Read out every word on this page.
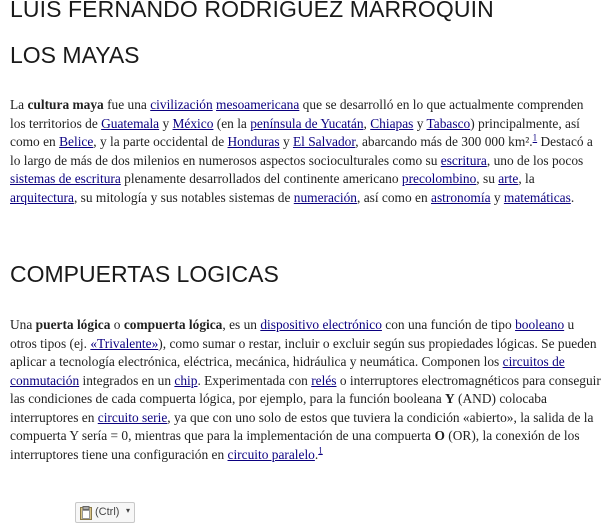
LUIS FERNANDO RODRIGUEZ MARROQUIN
LOS MAYAS
La cultura maya fue una civilización mesoamericana que se desarrolló en lo que actualmente comprenden los territorios de Guatemala y México (en la península de Yucatán, Chiapas y Tabasco) principalmente, así como en Belice, y la parte occidental de Honduras y El Salvador, abarcando más de 300 000 km².$^1$ Destacó a lo largo de más de dos milenios en numerosos aspectos socioculturales como su escritura, uno de los pocos sistemas de escritura plenamente desarrollados del continente americano precolombino, su arte, la arquitectura, su mitología y sus notables sistemas de numeración, así como en astronomía y matemáticas.
COMPUERTAS LOGICAS
Una puerta lógica o compuerta lógica, es un dispositivo electrónico con una función de tipo booleano u otros tipos (ej. «Trivalente»), como sumar o restar, incluir o excluir según sus propiedades lógicas. Se pueden aplicar a tecnología electrónica, eléctrica, mecánica, hidráulica y neumática. Componen los circuitos de conmutación integrados en un chip. Experimentada con relés o interruptores electromagnéticos para conseguir las condiciones de cada compuerta lógica, por ejemplo, para la función booleana Y (AND) colocaba interruptores en circuito serie, ya que con uno solo de estos que tuviera la condición «abierto», la salida de la compuerta Y sería = 0, mientras que para la implementación de una compuerta O (OR), la conexión de los interruptores tiene una configuración en circuito paralelo.$^1$
(Ctrl) ▾
